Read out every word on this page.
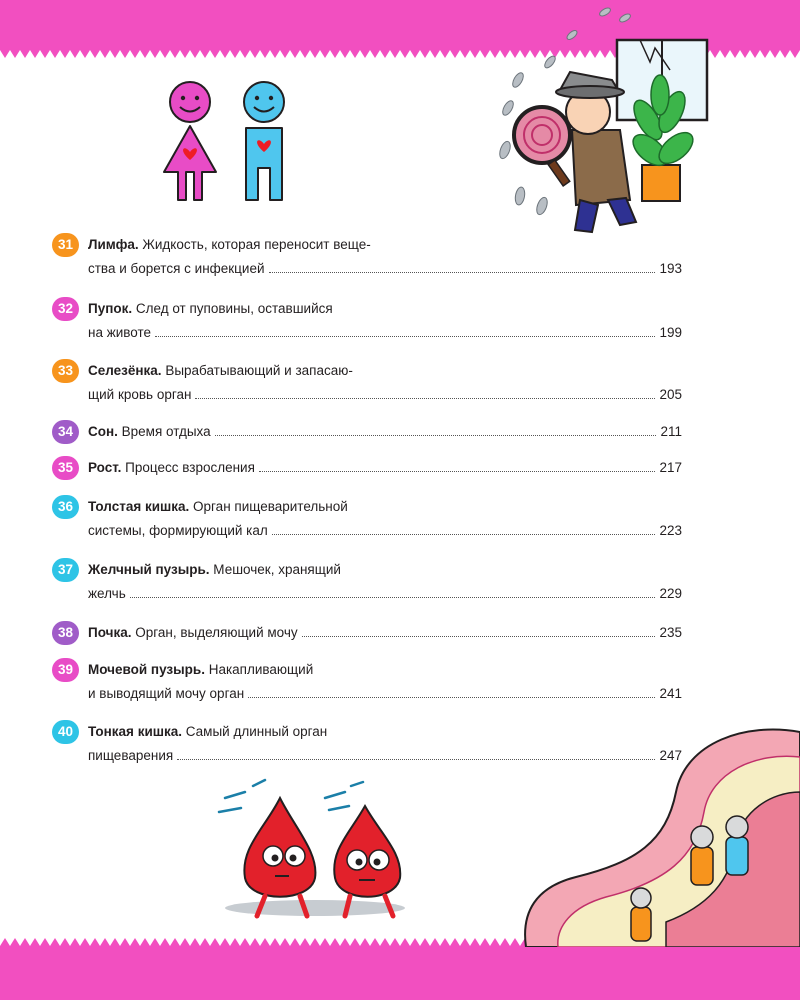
31	Лимфа. Жидкость, которая переносит веще-
ства и борется с инфекцией	193
32	Пупок. След от пуповины, оставшийся
на животе	199
33	Селезёнка. Вырабатывающий и запасаю-
щий кровь орган	205
34	Сон. Время отдыха	211
35	Рост. Процесс взросления	217
36	Толстая кишка. Орган пищеварительной
системы, формирующий кал	223
37	Желчный пузырь. Мешочек, хранящий
желчь	229
38	Почка. Орган, выделяющий мочу	235
39	Мочевой пузырь. Накапливающий
и выводящий мочу орган	241
40	Тонкая кишка. Самый длинный орган
пищеварения	247
